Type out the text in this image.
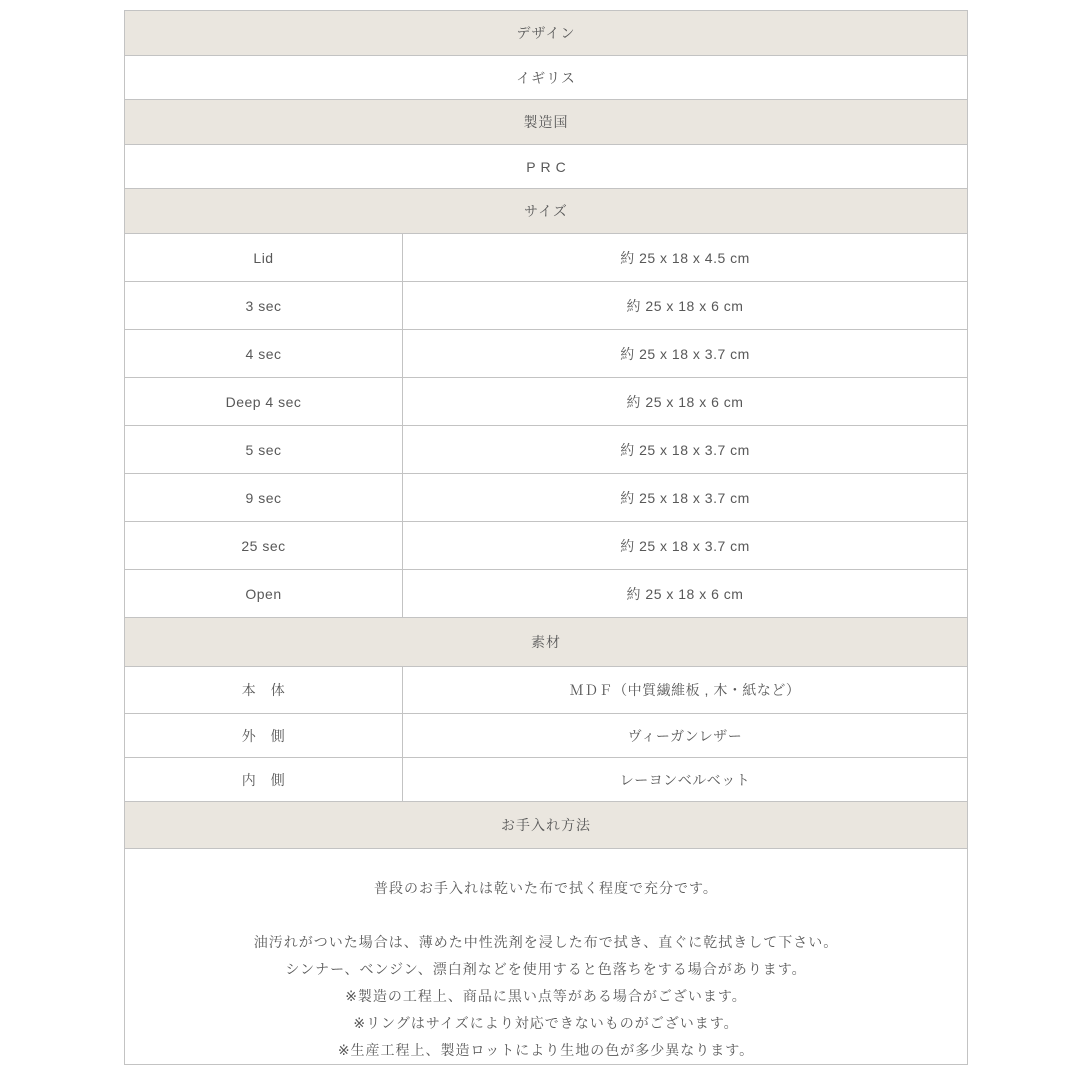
デザイン
イギリス
製造国
PRC
サイズ
Lid	約 25 x 18 x 4.5 cm
3 sec	約 25 x 18 x 6 cm
4 sec	約 25 x 18 x 3.7 cm
Deep 4 sec	約 25 x 18 x 6 cm
5 sec	約 25 x 18 x 3.7 cm
9 sec	約 25 x 18 x 3.7 cm
25 sec	約 25 x 18 x 3.7 cm
Open	約 25 x 18 x 6 cm
素材
本　体	ＭＤＦ（中質繊維板 , 木・紙など）
外　側	ヴィーガンレザー
内　側	レーヨンベルベット
お手入れ方法

普段のお手入れは乾いた布で拭く程度で充分です。

油汚れがついた場合は、薄めた中性洗剤を浸した布で拭き、直ぐに乾拭きして下さい。
シンナー、ベンジン、漂白剤などを使用すると色落ちをする場合があります。
※製造の工程上、商品に黒い点等がある場合がございます。
※リングはサイズにより対応できないものがございます。
※生産工程上、製造ロットにより生地の色が多少異なります。
